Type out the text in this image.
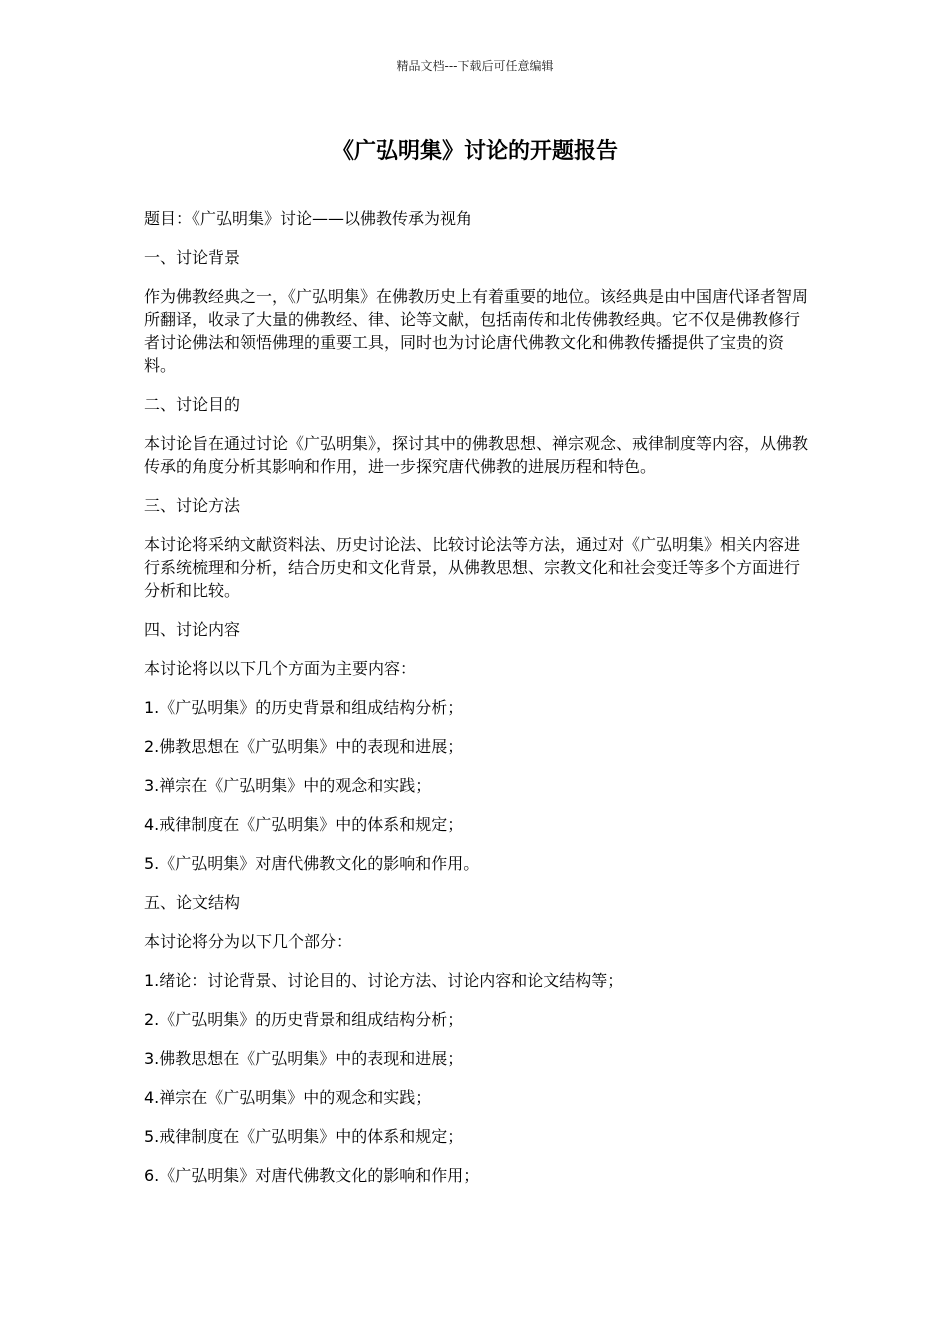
精品文档---下载后可任意编辑
《广弘明集》讨论的开题报告

题目：《广弘明集》讨论——以佛教传承为视角

一、讨论背景

作为佛教经典之一，《广弘明集》在佛教历史上有着重要的地位。该经典是由中国唐代译者智周所翻译，收录了大量的佛教经、律、论等文献，包括南传和北传佛教经典。它不仅是佛教修行者讨论佛法和领悟佛理的重要工具，同时也为讨论唐代佛教文化和佛教传播提供了宝贵的资料。

二、讨论目的

本讨论旨在通过讨论《广弘明集》，探讨其中的佛教思想、禅宗观念、戒律制度等内容，从佛教传承的角度分析其影响和作用，进一步探究唐代佛教的进展历程和特色。

三、讨论方法

本讨论将采纳文献资料法、历史讨论法、比较讨论法等方法，通过对《广弘明集》相关内容进行系统梳理和分析，结合历史和文化背景，从佛教思想、宗教文化和社会变迁等多个方面进行分析和比较。

四、讨论内容

本讨论将以以下几个方面为主要内容：

1.《广弘明集》的历史背景和组成结构分析；

2.佛教思想在《广弘明集》中的表现和进展；

3.禅宗在《广弘明集》中的观念和实践；

4.戒律制度在《广弘明集》中的体系和规定；

5.《广弘明集》对唐代佛教文化的影响和作用。

五、论文结构

本讨论将分为以下几个部分：

1.绪论：讨论背景、讨论目的、讨论方法、讨论内容和论文结构等；

2.《广弘明集》的历史背景和组成结构分析；

3.佛教思想在《广弘明集》中的表现和进展；

4.禅宗在《广弘明集》中的观念和实践；

5.戒律制度在《广弘明集》中的体系和规定；

6.《广弘明集》对唐代佛教文化的影响和作用；
